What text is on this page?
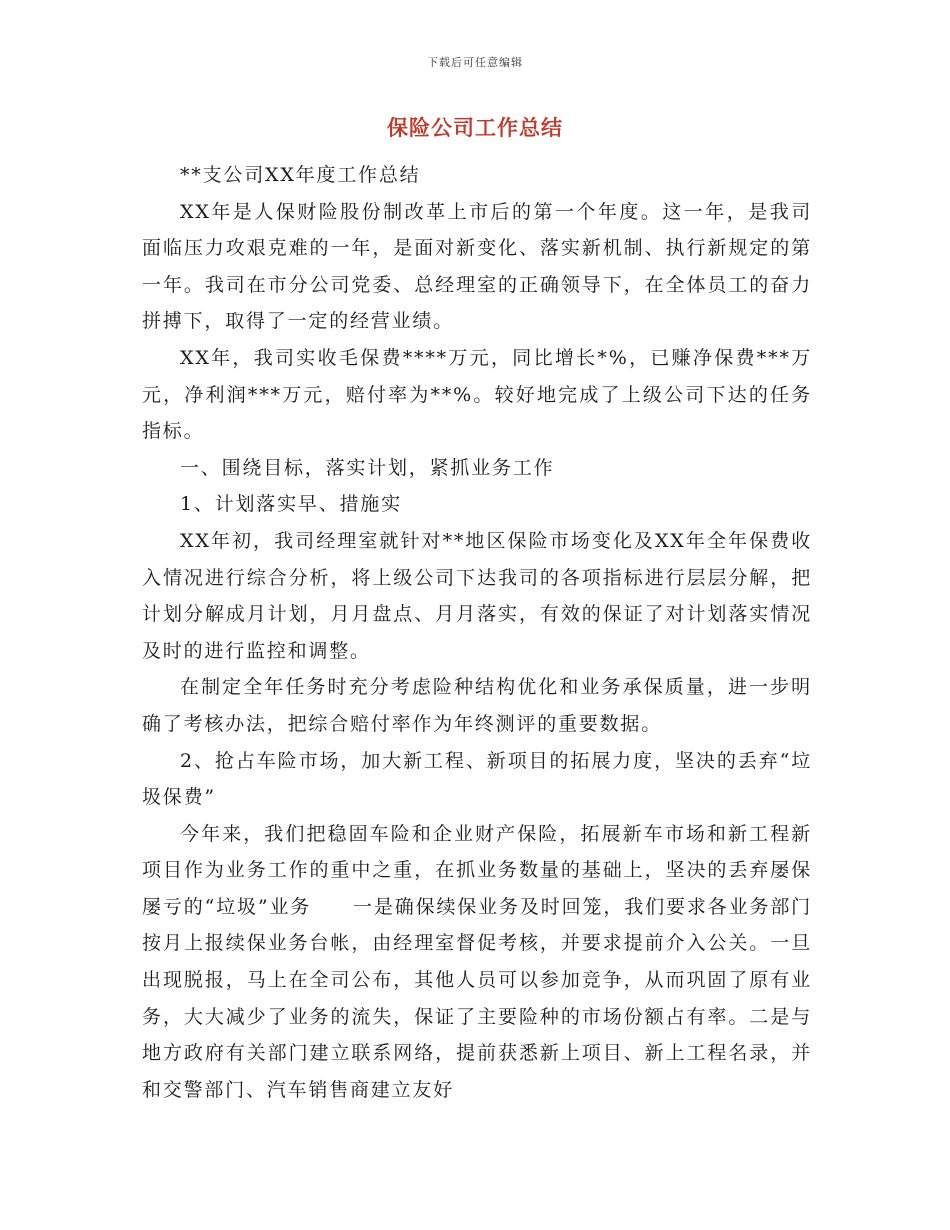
下载后可任意编辑
保险公司工作总结

**支公司XX年度工作总结

XX年是人保财险股份制改革上市后的第一个年度。这一年，是我司面临压力攻艰克难的一年，是面对新变化、落实新机制、执行新规定的第一年。我司在市分公司党委、总经理室的正确领导下，在全体员工的奋力拼搏下，取得了一定的经营业绩。

XX年，我司实收毛保费****万元，同比增长*%，已赚净保费***万元，净利润***万元，赔付率为**%。较好地完成了上级公司下达的任务指标。

一、围绕目标，落实计划，紧抓业务工作

1、计划落实早、措施实

XX年初，我司经理室就针对**地区保险市场变化及XX年全年保费收入情况进行综合分析，将上级公司下达我司的各项指标进行层层分解，把计划分解成月计划，月月盘点、月月落实，有效的保证了对计划落实情况及时的进行监控和调整。

在制定全年任务时充分考虑险种结构优化和业务承保质量，进一步明确了考核办法，把综合赔付率作为年终测评的重要数据。

2、抢占车险市场，加大新工程、新项目的拓展力度，坚决的丢弃“垃圾保费”

今年来，我们把稳固车险和企业财产保险，拓展新车市场和新工程新项目作为业务工作的重中之重，在抓业务数量的基础上，坚决的丢弃屡保屡亏的“垃圾”业务　　一是确保续保业务及时回笼，我们要求各业务部门按月上报续保业务台帐，由经理室督促考核，并要求提前介入公关。一旦出现脱报，马上在全司公布，其他人员可以参加竞争，从而巩固了原有业务，大大减少了业务的流失，保证了主要险种的市场份额占有率。二是与地方政府有关部门建立联系网络，提前获悉新上项目、新上工程名录，并和交警部门、汽车销售商建立友好
